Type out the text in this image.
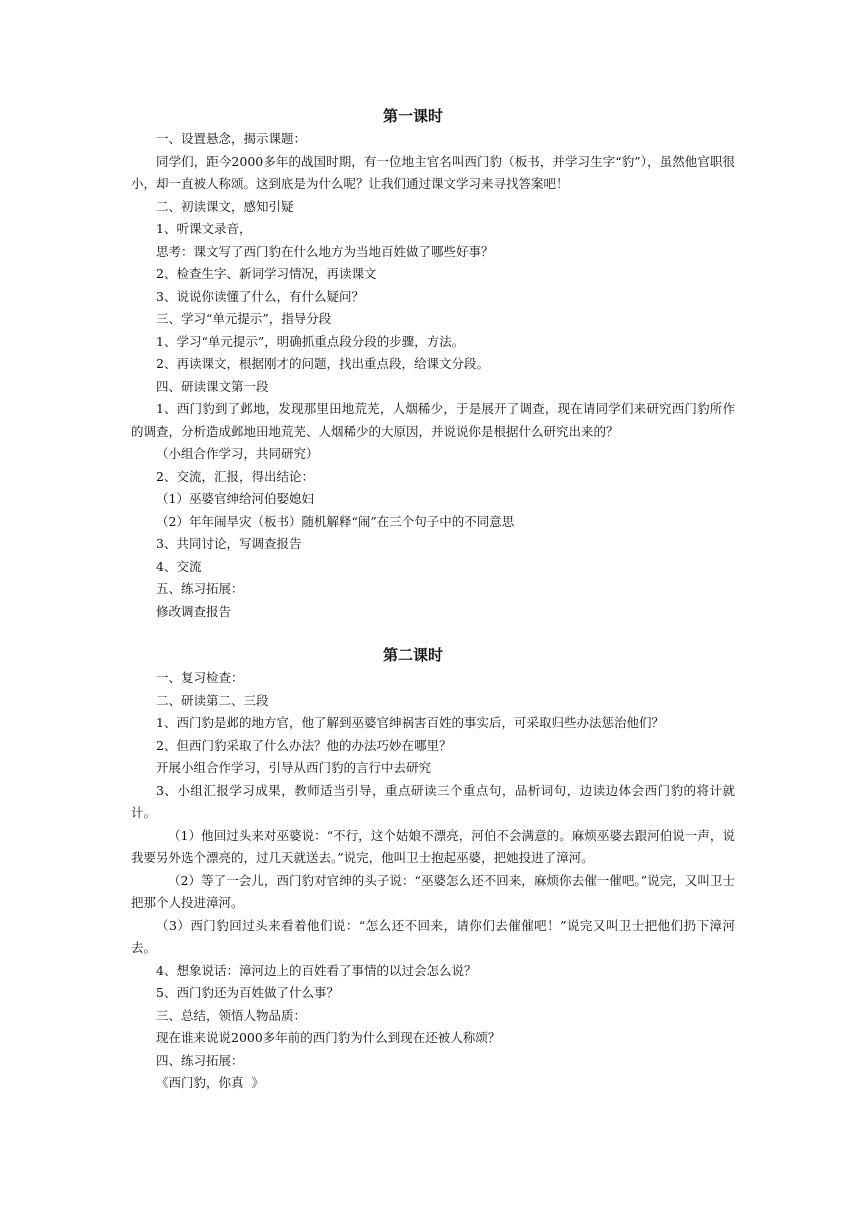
第一课时

一、设置悬念，揭示课题：

同学们，距今2000多年的战国时期，有一位地主官名叫西门豹（板书，并学习生字“豹”），虽然他官职很小，却一直被人称颂。这到底是为什么呢？让我们通过课文学习来寻找答案吧！

二、初读课文，感知引疑

1、听课文录音，

思考：课文写了西门豹在什么地方为当地百姓做了哪些好事？

2、检查生字、新词学习情况，再读课文

3、说说你读懂了什么，有什么疑问？

三、学习“单元提示”，指导分段

1、学习“单元提示”，明确抓重点段分段的步骤，方法。

2、再读课文，根据刚才的问题，找出重点段，给课文分段。

四、研读课文第一段

1、西门豹到了邺地，发现那里田地荒芜，人烟稀少，于是展开了调查，现在请同学们来研究西门豹所作的调查，分析造成邺地田地荒芜、人烟稀少的大原因，并说说你是根据什么研究出来的？

（小组合作学习，共同研究）

2、交流，汇报，得出结论：

（1）巫婆官绅给河伯娶媳妇

（2）年年闹旱灾（板书）随机解释“闹”在三个句子中的不同意思

3、共同讨论，写调查报告

4、交流

五、练习拓展：

修改调查报告

第二课时

一、复习检查：

二、研读第二、三段

1、西门豹是邺的地方官，他了解到巫婆官绅祸害百姓的事实后，可采取归些办法惩治他们？

2、但西门豹采取了什么办法？他的办法巧妙在哪里？

开展小组合作学习，引导从西门豹的言行中去研究

3、小组汇报学习成果，教师适当引导，重点研读三个重点句，品析词句，边读边体会西门豹的将计就计。

（1）他回过头来对巫婆说：“不行，这个姑娘不漂亮，河伯不会满意的。麻烦巫婆去跟河伯说一声，说我要另外选个漂亮的，过几天就送去。”说完，他叫卫士抱起巫婆，把她投进了漳河。

（2）等了一会儿，西门豹对官绅的头子说：“巫婆怎么还不回来，麻烦你去催一催吧。”说完，又叫卫士把那个人投进漳河。

（3）西门豹回过头来看着他们说：“怎么还不回来，请你们去催催吧！”说完又叫卫士把他们扔下漳河去。

4、想象说话：漳河边上的百姓看了事情的以过会怎么说？

5、西门豹还为百姓做了什么事？

三、总结，领悟人物品质：

现在谁来说说2000多年前的西门豹为什么到现在还被人称颂？

四、练习拓展：

《西门豹，你真  》
